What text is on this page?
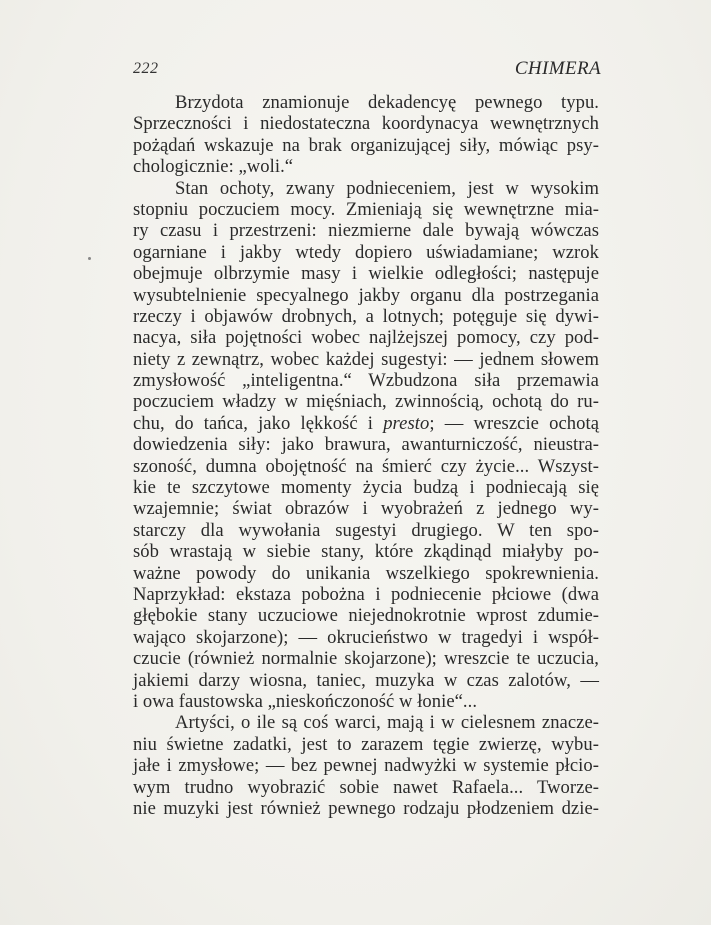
222	CHIMERA
Brzydota znamionuje dekadencyę pewnego typu.
Sprzeczności i niedostateczna koordynacya wewnętrznych
pożądań wskazuje na brak organizującej siły, mówiąc psy-
chologicznie: „woli.“
Stan ochoty, zwany podnieceniem, jest w wysokim
stopniu poczuciem mocy. Zmieniają się wewnętrzne mia-
ry czasu i przestrzeni: niezmierne dale bywają wówczas
ogarniane i jakby wtedy dopiero uświadamiane; wzrok
obejmuje olbrzymie masy i wielkie odległości; następuje
wysubtelnienie specyalnego jakby organu dla postrzegania
rzeczy i objawów drobnych, a lotnych; potęguje się dywi-
nacya, siła pojętności wobec najlżejszej pomocy, czy pod-
niety z zewnątrz, wobec każdej sugestyi: — jednem słowem
zmysłowość „inteligentna.“ Wzbudzona siła przemawia
poczuciem władzy w mięśniach, zwinnością, ochotą do ru-
chu, do tańca, jako lękkość i presto; — wreszcie ochotą
dowiedzenia siły: jako brawura, awanturniczość, nieustra-
szoność, dumna obojętność na śmierć czy życie... Wszyst-
kie te szczytowe momenty życia budzą i podniecają się
wzajemnie; świat obrazów i wyobrażeń z jednego wy-
starczy dla wywołania sugestyi drugiego. W ten spo-
sób wrastają w siebie stany, które zkądinąd miałyby po-
ważne powody do unikania wszelkiego spokrewnienia.
Naprzykład: ekstaza pobożna i podniecenie płciowe (dwa
głębokie stany uczuciowe niejednokrotnie wprost zdumie-
wająco skojarzone); — okrucieństwo w tragedyi i współ-
czucie (również normalnie skojarzone); wreszcie te uczucia,
jakiemi darzy wiosna, taniec, muzyka w czas zalotów, —
i owa faustowska „nieskończoność w łonie“...
Artyści, o ile są coś warci, mają i w cielesnem znacze-
niu świetne zadatki, jest to zarazem tęgie zwierzę, wybu-
jałe i zmysłowe; — bez pewnej nadwyżki w systemie płcio-
wym trudno wyobrazić sobie nawet Rafaela... Tworze-
nie muzyki jest również pewnego rodzaju płodzeniem dzie-
